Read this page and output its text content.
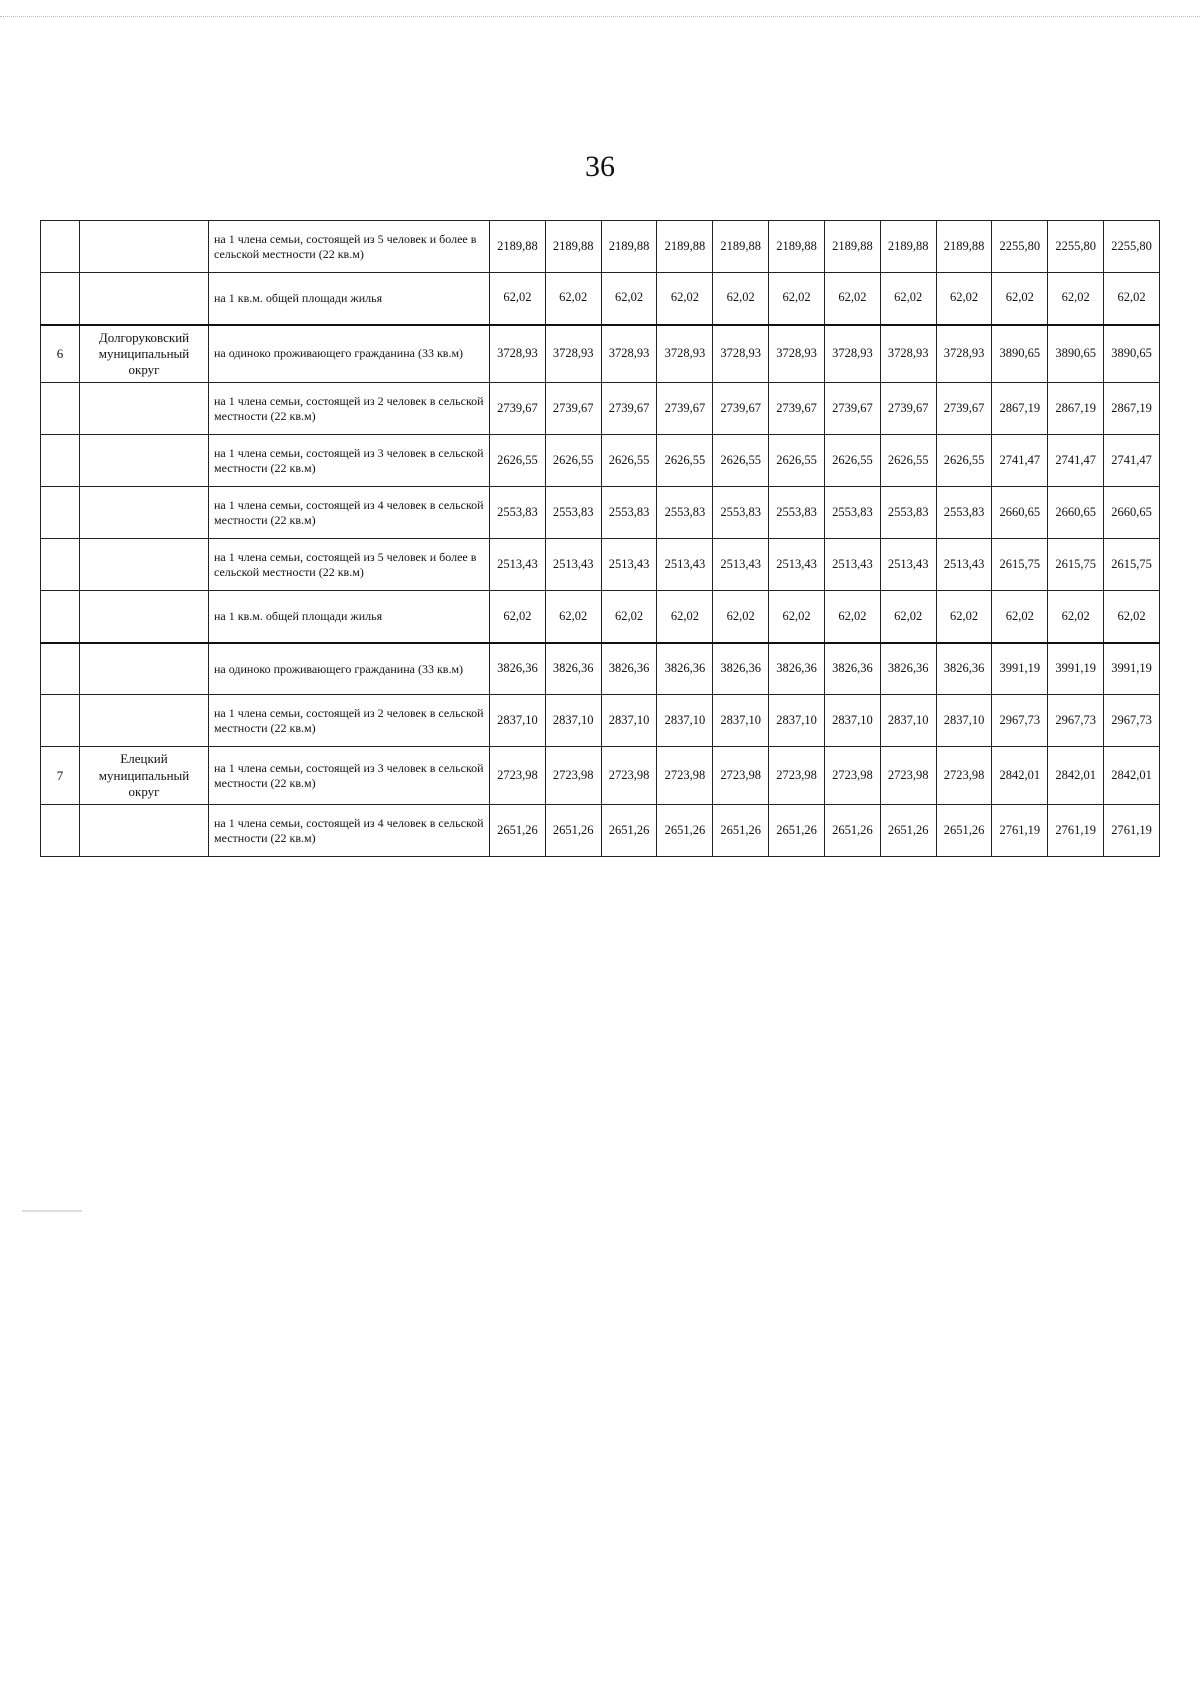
36
		на 1 члена семьи, состоящей из 5 человек и более в сельской местности (22 кв.м)	2189,88	2189,88	2189,88	2189,88	2189,88	2189,88	2189,88	2189,88	2189,88	2255,80	2255,80	2255,80
		на 1 кв.м. общей площади жилья	62,02	62,02	62,02	62,02	62,02	62,02	62,02	62,02	62,02	62,02	62,02	62,02
6	Долгоруковский муниципальный округ	на одиноко проживающего гражданина (33 кв.м)	3728,93	3728,93	3728,93	3728,93	3728,93	3728,93	3728,93	3728,93	3728,93	3890,65	3890,65	3890,65
		на 1 члена семьи, состоящей из 2 человек в сельской местности (22 кв.м)	2739,67	2739,67	2739,67	2739,67	2739,67	2739,67	2739,67	2739,67	2739,67	2867,19	2867,19	2867,19
		на 1 члена семьи, состоящей из 3 человек в сельской местности (22 кв.м)	2626,55	2626,55	2626,55	2626,55	2626,55	2626,55	2626,55	2626,55	2626,55	2741,47	2741,47	2741,47
		на 1 члена семьи, состоящей из 4 человек в сельской местности (22 кв.м)	2553,83	2553,83	2553,83	2553,83	2553,83	2553,83	2553,83	2553,83	2553,83	2660,65	2660,65	2660,65
		на 1 члена семьи, состоящей из 5 человек и более в сельской местности (22 кв.м)	2513,43	2513,43	2513,43	2513,43	2513,43	2513,43	2513,43	2513,43	2513,43	2615,75	2615,75	2615,75
		на 1 кв.м. общей площади жилья	62,02	62,02	62,02	62,02	62,02	62,02	62,02	62,02	62,02	62,02	62,02	62,02
		на одиноко проживающего гражданина (33 кв.м)	3826,36	3826,36	3826,36	3826,36	3826,36	3826,36	3826,36	3826,36	3826,36	3991,19	3991,19	3991,19
		на 1 члена семьи, состоящей из 2 человек в сельской местности (22 кв.м)	2837,10	2837,10	2837,10	2837,10	2837,10	2837,10	2837,10	2837,10	2837,10	2967,73	2967,73	2967,73
7	Елецкий муниципальный округ	на 1 члена семьи, состоящей из 3 человек в сельской местности (22 кв.м)	2723,98	2723,98	2723,98	2723,98	2723,98	2723,98	2723,98	2723,98	2723,98	2842,01	2842,01	2842,01
		на 1 члена семьи, состоящей из 4 человек в сельской местности (22 кв.м)	2651,26	2651,26	2651,26	2651,26	2651,26	2651,26	2651,26	2651,26	2651,26	2761,19	2761,19	2761,19
